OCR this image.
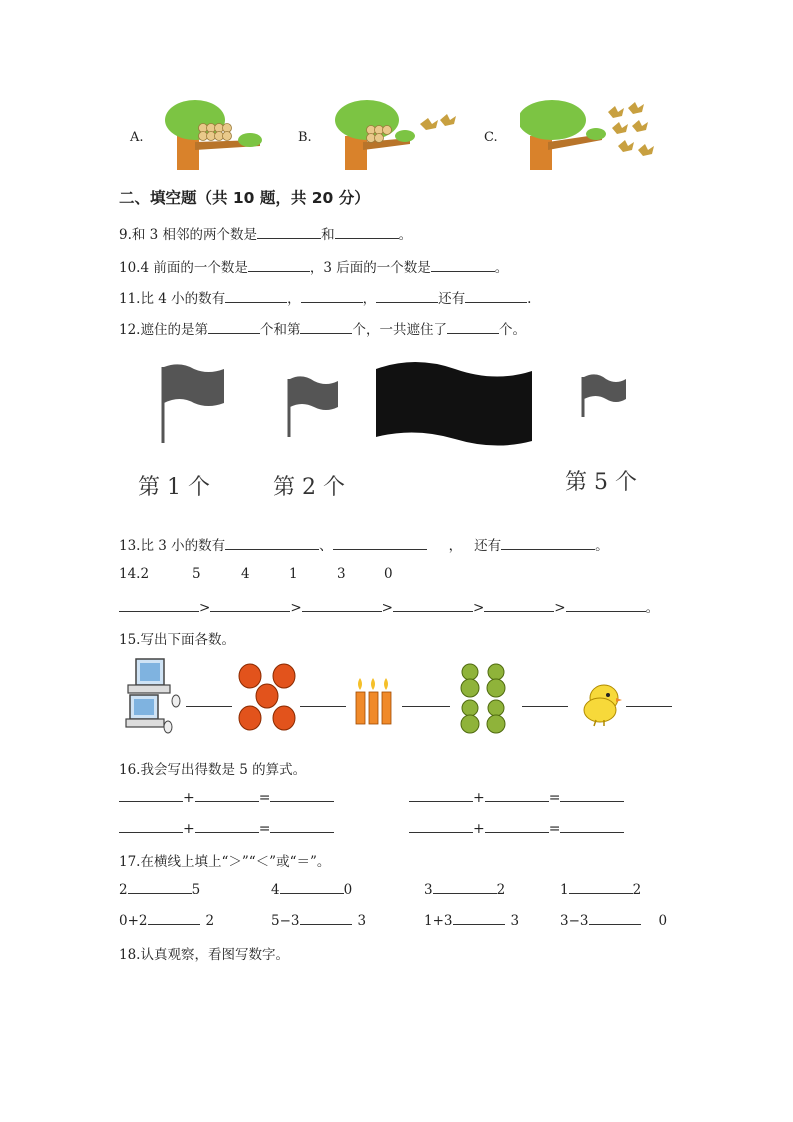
A.	B.	C.
二、填空题（共 10 题，共 20 分）
9.和 3 相邻的两个数是	和	。
10.4 前面的一个数是	，3 后面的一个数是	。
11.比 4 小的数有	，	，	还有	.
12.遮住的是第	个和第	个，一共遮住了	个。
第 1 个	第 2 个	第 5 个
13.比 3 小的数有	、	， 还有	。
14.2	5	4	1	3	0
>	>	>	>	>	。
15.写出下面各数。
16.我会写出得数是 5 的算式。
+	=	+	=
+	=	+	=
17.在横线上填上“＞”“＜”或“＝”。
2	5	4	0	3	2	1	2
0+2	2	5−3	3	1+3	3	3−3	0
18.认真观察，看图写数字。
